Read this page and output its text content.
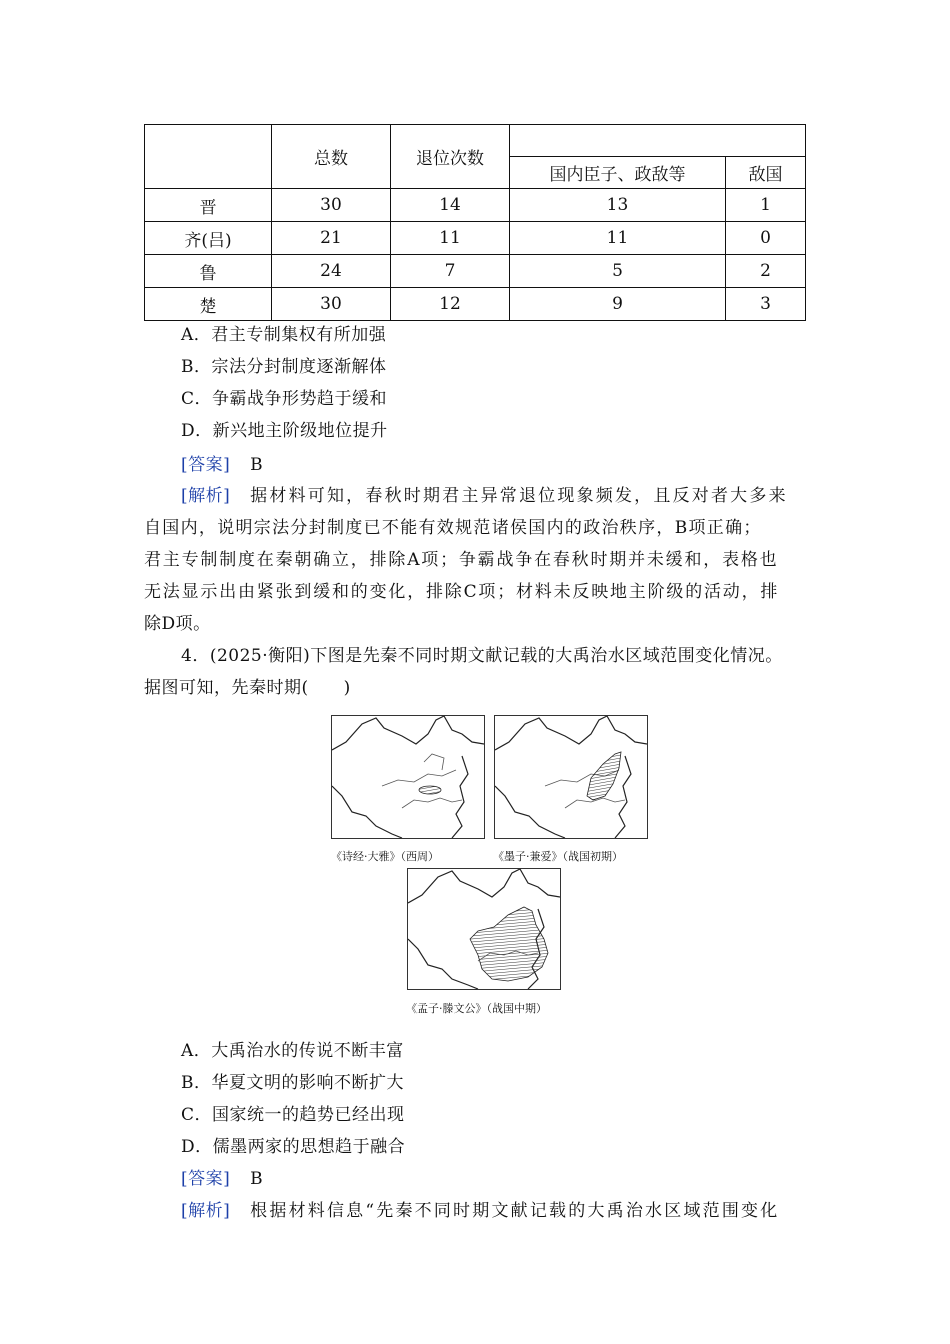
	总数	退位次数		
			国内臣子、政敌等	敌国
晋	30	14	13	1
齐(吕)	21	11	11	0
鲁	24	7	5	2
楚	30	12	9	3
A．君主专制集权有所加强
B．宗法分封制度逐渐解体
C．争霸战争形势趋于缓和
D．新兴地主阶级地位提升
[答案] B
[解析] 据材料可知，春秋时期君主异常退位现象频发，且反对者大多来
自国内，说明宗法分封制度已不能有效规范诸侯国内的政治秩序，B项正确；
君主专制制度在秦朝确立，排除A项；争霸战争在春秋时期并未缓和，表格也
无法显示出由紧张到缓和的变化，排除C项；材料未反映地主阶级的活动，排
除D项。
4．(2025·衡阳)下图是先秦不同时期文献记载的大禹治水区域范围变化情况。
据图可知，先秦时期(　　)
《诗经·大雅》（西周）	《墨子·兼爱》（战国初期）
《孟子·滕文公》（战国中期）
A．大禹治水的传说不断丰富
B．华夏文明的影响不断扩大
C．国家统一的趋势已经出现
D．儒墨两家的思想趋于融合
[答案] B
[解析] 根据材料信息“先秦不同时期文献记载的大禹治水区域范围变化
